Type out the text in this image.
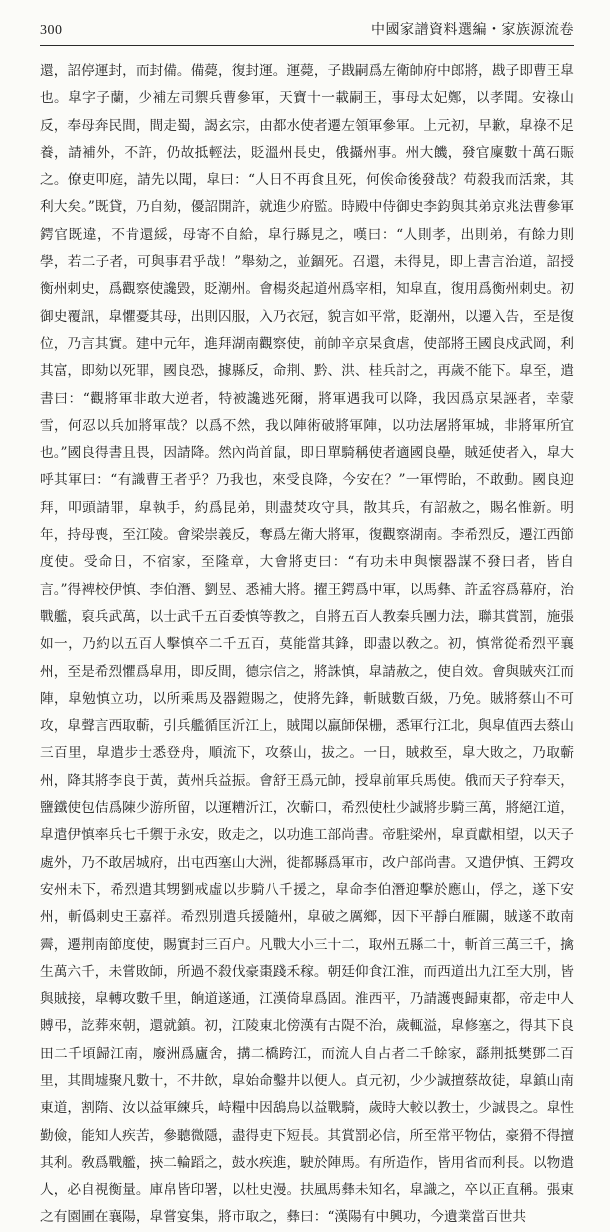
300	中國家譜資料選編・家族源流卷

還，詔停運封，而封備。備薨，復封運。運薨，子戡嗣爲左衛帥府中郎將，戡子即曹王皐也。皐字子蘭，少補左司禦兵曹參軍，天寶十一載嗣王，事母太妃鄭，以孝聞。安祿山反，奉母奔民間，間走蜀，謁玄宗，由都水使者遷左領軍參軍。上元初，早歉，皐祿不足養，請補外，不許，仍故抵輕法，貶溫州長史，俄攝州事。州大饑，發官廩數十萬石賑之。僚吏叩庭，請先以聞，皐曰：“人日不再食且死，何俟命後發哉？苟殺我而活衆，其利大矣。”既貸，乃自劾，優詔開許，就進少府監。時殿中侍御史李鈞與其弟京兆法曹參軍鍔官既違，不肯還綏，母寄不自給，皐行縣見之，嘆曰：“人則孝，出則弟，有餘力則學，若二子者，可與事君乎哉！”舉劾之，並錮死。召還，未得見，即上書言治道，詔授衡州刺史，爲觀察使讒毀，貶潮州。會楊炎起道州爲宰相，知皐直，復用爲衡州刺史。初御史覆訊，皐懼憂其母，出則囚服，入乃衣冠，貌言如平常，貶潮州，以遷入告，至是復位，乃言其實。建中元年，進拜湖南觀察使，前帥辛京杲貪虐，使部將王國良戍武岡，利其富，即劾以死罪，國良恐，據縣反，命荆、黔、洪、桂兵討之，再歲不能下。皐至，遣書曰：“觀將軍非敢大逆者，特被讒逃死爾，將軍遇我可以降，我因爲京杲誣者，幸蒙雪，何忍以兵加將軍哉？以爲不然，我以陣術破將軍陣，以功法屠將軍城，非將軍所宜也。”國良得書且畏，因請降。然內尚首鼠，即日單騎稱使者適國良壘，賊延使者入，皐大呼其軍曰：“有識曹王者乎？乃我也，來受良降，今安在？”一軍愕眙，不敢動。國良迎拜，叩頭請罪，皐執手，約爲昆弟，則盡焚攻守具，散其兵，有詔赦之，賜名惟新。明年，持母喪，至江陵。會梁崇義反，奪爲左衛大將軍，復觀察湖南。李希烈反，遷江西節度使。受命日，不宿家，至隆章，大會將吏曰：“有功未申與懷器謀不發曰者，皆自言。”得裨校伊慎、李伯潛、劉昱、悉補大將。擢王鍔爲中軍，以馬彝、許孟容爲幕府，治戰艦，裒兵武萬，以士武千五百委慎等教之，自將五百人教秦兵團力法，聯其賞罰，施張如一，乃約以五百人擊慎卒二千五百，莫能當其鋒，即盡以敎之。初，慎常從希烈平襄州，至是希烈懼爲皐用，即反間，德宗信之，將誅慎，皐請赦之，使自效。會與賊夾江而陣，皐勉慎立功，以所乘馬及器鎧賜之，使將先鋒，斬賊數百級，乃免。賊將蔡山不可攻，皐聲言西取蘄，引兵艦循匡沂江上，賊聞以羸師保栅，悉軍行江北，與皐值西去蔡山三百里，皐遣步士悉登舟，順流下，攻蔡山，拔之。一日，賊救至，皐大敗之，乃取蘄州，降其將李良于黃，黃州兵益振。會舒王爲元帥，授皐前軍兵馬使。俄而天子狩奉天，鹽鐵使包佶爲陳少游所留，以運糟沂江，次蘄口，希烈使杜少誠將步騎三萬，將絕江道，皐遣伊慎率兵七千禦于永安，敗走之，以功進工部尚書。帝駐梁州，皐貢獻相望，以天子處外，乃不敢居城府，出屯西塞山大洲，徙都縣爲軍市，改户部尚書。又遣伊慎、王鍔攻安州未下，希烈遣其甥劉戒虛以步騎八千援之，皐命李伯潛迎擊於應山，俘之，遂下安州，斬僞刺史王嘉祥。希烈別遣兵援隨州，皐破之厲鄉，因下平靜白雁關，賊遂不敢南霽，遷荆南節度使，賜實封三百户。凡戰大小三十二，取州五縣二十，斬首三萬三千，擒生萬六千，未嘗敗師，所過不殺伐豪棗踐禾稼。朝廷仰食江淮，而西道出九江至大別，皆與賊接，皐轉攻數千里，餉道遂通，江漢倚皐爲固。淮西平，乃請護喪歸東都，帝走中人賻弔，訖葬來朝，還就鎮。初，江陵東北傍漢有古隄不治，歲輒溢，皐修塞之，得其下良田二千頃歸江南，廢洲爲廬舍，搆二橋跨江，而流人自占者二千餘家，繇荆抵樊鄧二百里，其間墟聚凡數十，不井飲，皐始命鑿井以便人。貞元初，少少誠擅蔡故徒，皐鎮山南東道，割隋、汝以益軍練兵，峙糧中因鴰鳥以益戰騎，歲時大較以教士，少誠畏之。皐性勤儉，能知人疾苦，參聽微隱，盡得吏下短長。其賞罰必信，所至常平物估，豪猾不得擅其利。敎爲戰艦，挾二輪蹈之，鼓水疾進，駛於陣馬。有所造作，皆用省而利長。以物遣人，必自視衡量。庫帛皆印署，以杜史漫。扶風馬彝未知名，皐識之，卒以正直稱。張東之有園圃在襄陽，皐嘗宴集，將市取之，彝曰：“漢陽有中興功，今遺業當百世共
